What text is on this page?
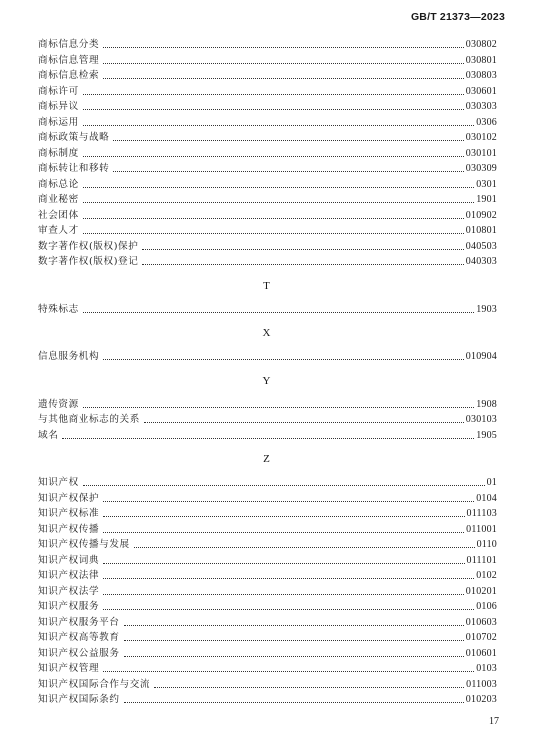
GB/T 21373—2023
商标信息分类	030802
商标信息管理	030801
商标信息检索	030803
商标许可	030601
商标异议	030303
商标运用	0306
商标政策与战略	030102
商标制度	030101
商标转让和移转	030309
商标总论	0301
商业秘密	1901
社会团体	010902
审查人才	010801
数字著作权(版权)保护	040503
数字著作权(版权)登记	040303
T
特殊标志	1903
X
信息服务机构	010904
Y
遗传资源	1908
与其他商业标志的关系	030103
域名	1905
Z
知识产权	01
知识产权保护	0104
知识产权标准	011103
知识产权传播	011001
知识产权传播与发展	0110
知识产权词典	011101
知识产权法律	0102
知识产权法学	010201
知识产权服务	0106
知识产权服务平台	010603
知识产权高等教育	010702
知识产权公益服务	010601
知识产权管理	0103
知识产权国际合作与交流	011003
知识产权国际条约	010203
17
